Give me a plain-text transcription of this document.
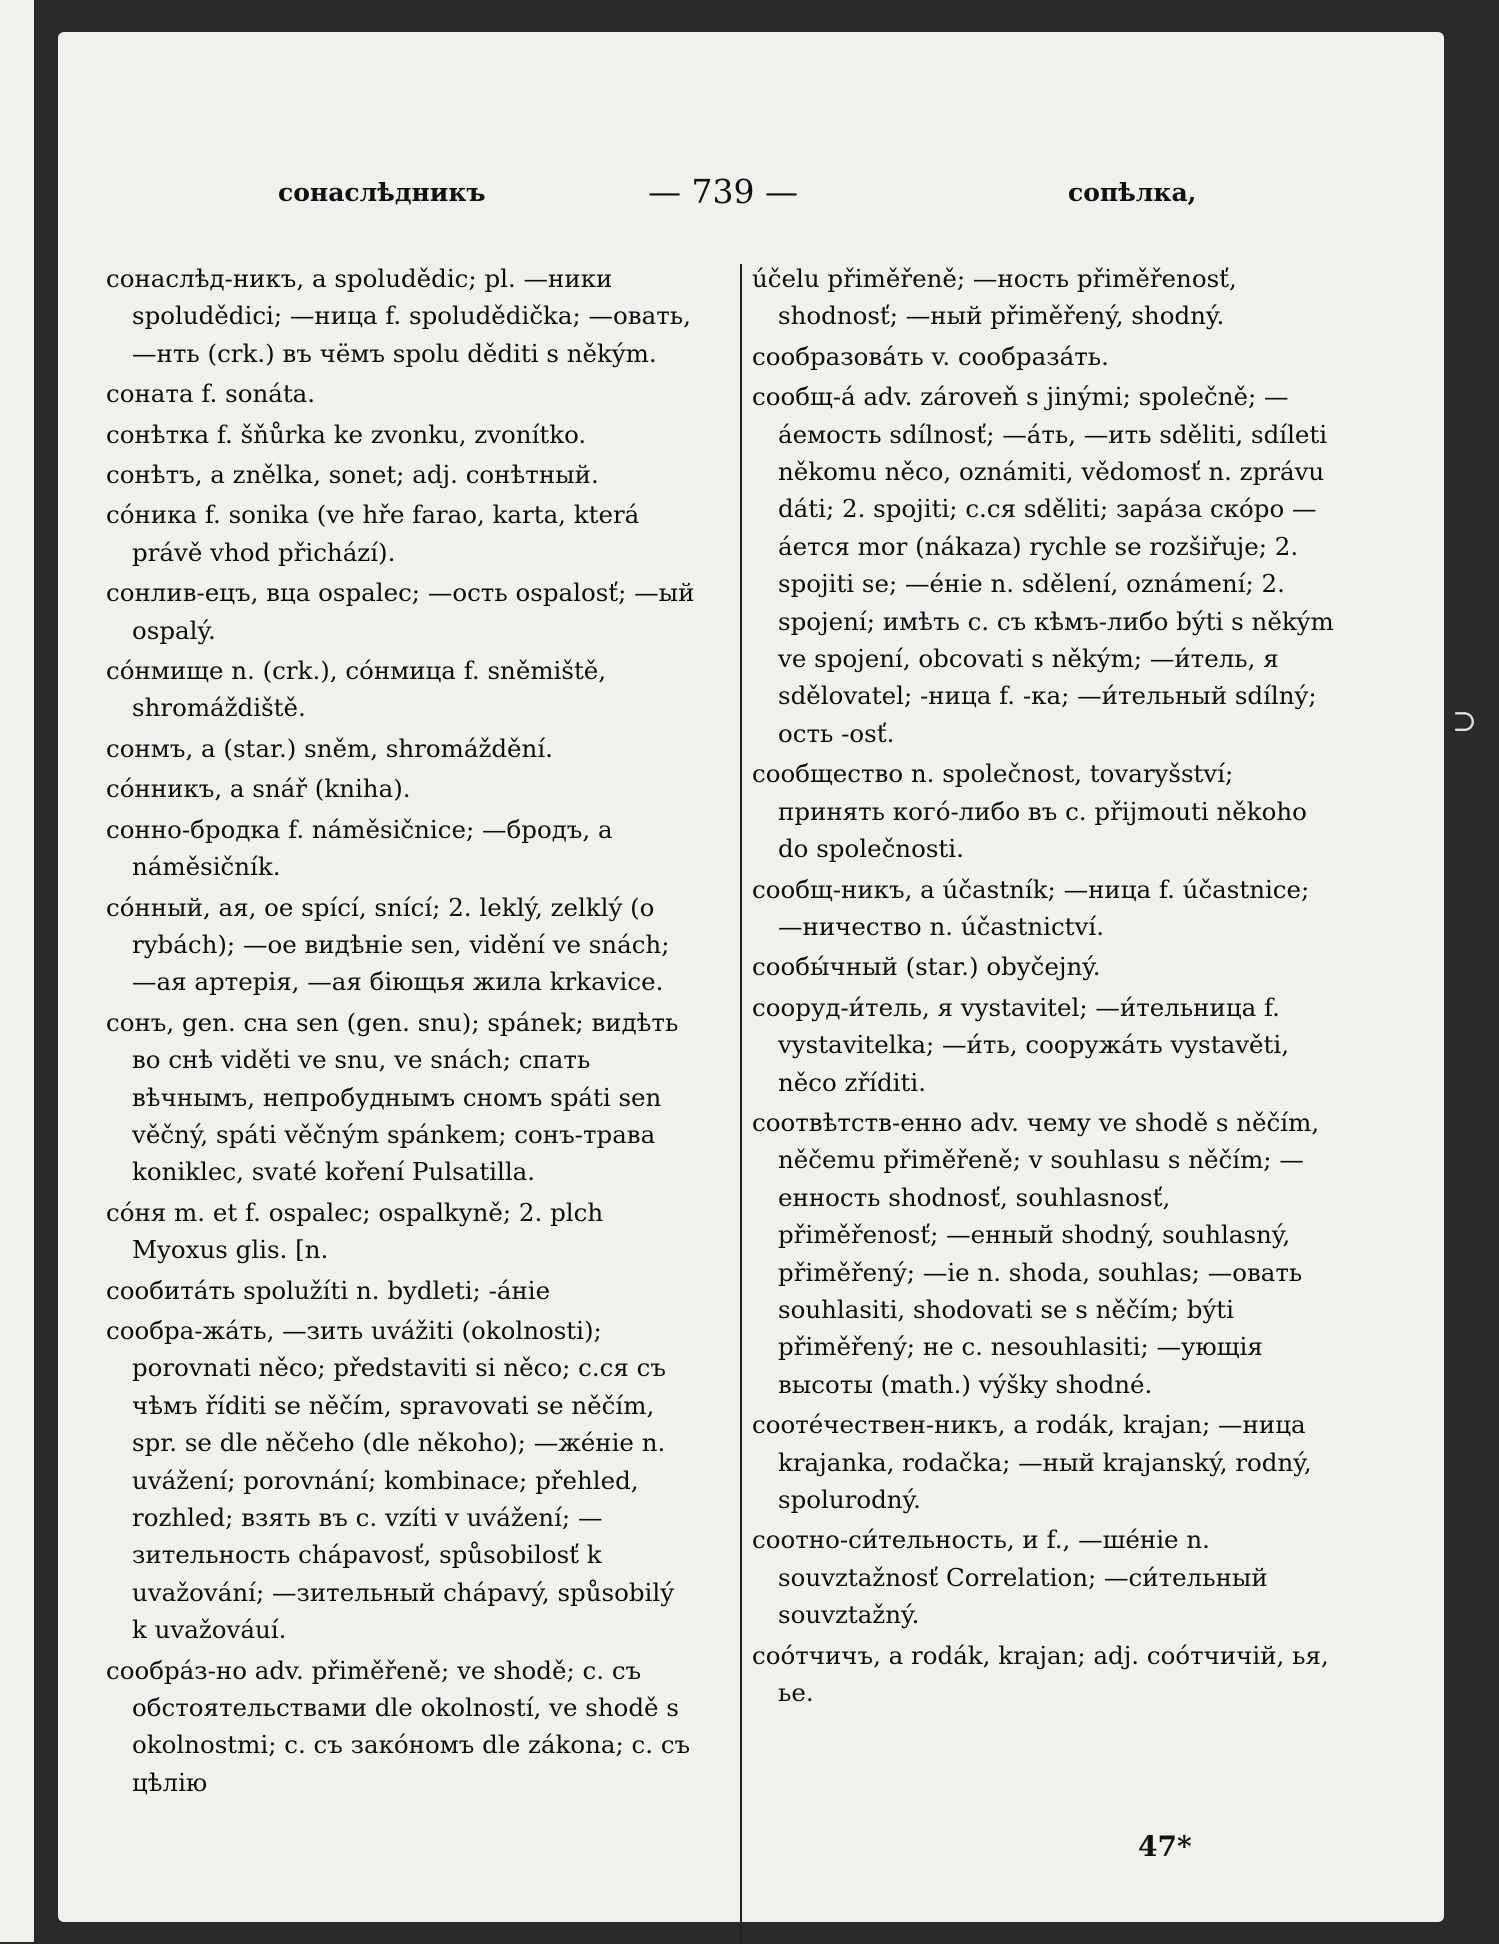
сонаслѣдникъ	— 739 —	сопѣлка,
сонаслѣд-никъ, a spoludědic; pl. —ники spoludědici; —ница f. spoludědička; —овать, —нть (crk.) въ чёмъ spolu děditi s někým.
соната f. sonáta.
сонѣтка f. šňůrka ke zvonku, zvonítko.
сонѣтъ, a znělka, sonet; adj. сонѣтный.
сóника f. sonika (ve hře farao, karta, která právě vhod přichází).
сонлив-ецъ, вца ospalec; —ость ospalosť; —ый ospalý.
сóнмище n. (crk.), сóнмица f. sněmiště, shromáždiště.
сонмъ, a (star.) sněm, shromáždění.
сóнникъ, a snář (kniha).
сонно-бродка f. náměsičnice; —бродъ, a náměsičník.
сóнный, ая, ое spící, snící; 2. leklý, zelklý (o rybách); —ое видѣніе sen, vidění ve snách; —ая артерія, —ая біющья жила krkavice.
сонъ, gen. сна sen (gen. snu); spánek; видѣть во снѣ viděti ve snu, ve snách; спать вѣчнымъ, непробуднымъ сномъ spáti sen věčný, spáti věčným spánkem; сонъ-трава koniklec, svaté koření Pulsatilla.
сóня m. et f. ospalec; ospalkyně; 2. plch Myoxus glis. [n.
сообитáть spolužíti n. bydleti; -áніе
сообра-жáть, —зить uvážiti (okolnosti); porovnati něco; představiti si něco; c.ся съ чѣмъ říditi se něčím, spravovati se něčím, spr. se dle něčeho (dle někoho); —жéніе n. uvážení; porovnání; kombinace; přehled, rozhled; взять въ c. vzíti v uvážení; —зительность chápavosť, spůsobilosť k uvažování; —зительный chápavý, spůsobilý k uvažováuí.
сообрáз-но adv. přiměřeně; ve shodě; c. съ обстоятельствами dle okolností, ve shodě s okolnostmi; c. съ закóномъ dle zákona; c. съ цѣлію
účelu přiměřeně; —ность přiměřenosť, shodnosť; —ный přiměřený, shodný.
сообразовáть v. сообразáть.
сообщ-á adv. zároveň s jinými; společně; —áемость sdílnosť; —áть, —ить sděliti, sdíleti někomu něco, oznámiti, vědomosť n. zprávu dáti; 2. spojiti; c.ся sděliti; зарáза скóро —áется mor (nákaza) rychle se rozšiřuje; 2. spojiti se; —éніе n. sdělení, oznámení; 2. spojení; имѣть c. съ кѣмъ-либо býti s někým ve spojení, obcovati s někým; —и́тель, я sdělovatel; -ница f. -ка; —и́тельный sdílný; ость -osť.
сообщество n. společnost, tovaryšství; принять когó-либо въ c. přijmouti někoho do společnosti.
сообщ-никъ, a účastník; —ница f. účastnice; —ничество n. účastnictví.
сообы́чный (star.) obyčejný.
сооруд-и́тель, я vystavitel; —и́тельница f. vystavitelka; —и́ть, сооружáть vystavěti, něco zříditi.
соотвѣтств-енно adv. чему ve shodě s něčím, něčemu přiměřeně; v souhlasu s něčím; —енность shodnosť, souhlasnosť, přiměřenosť; —енный shodný, souhlasný, přiměřený; —іе n. shoda, souhlas; —овать souhlasiti, shodovati se s něčím; býti přiměřený; не c. nesouhlasiti; —ующія высоты (math.) výšky shodné.
соотéчествен-никъ, a rodák, krajan; —ница krajanka, rodačka; —ный krajanský, rodný, spolurodný.
соотно-си́тельность, и f., —шéніе n. souvztažnosť Correlation; —си́тельный souvztažný.
соóтчичъ, a rodák, krajan; adj. соóтчичій, ья, ье.
47*
⊃
